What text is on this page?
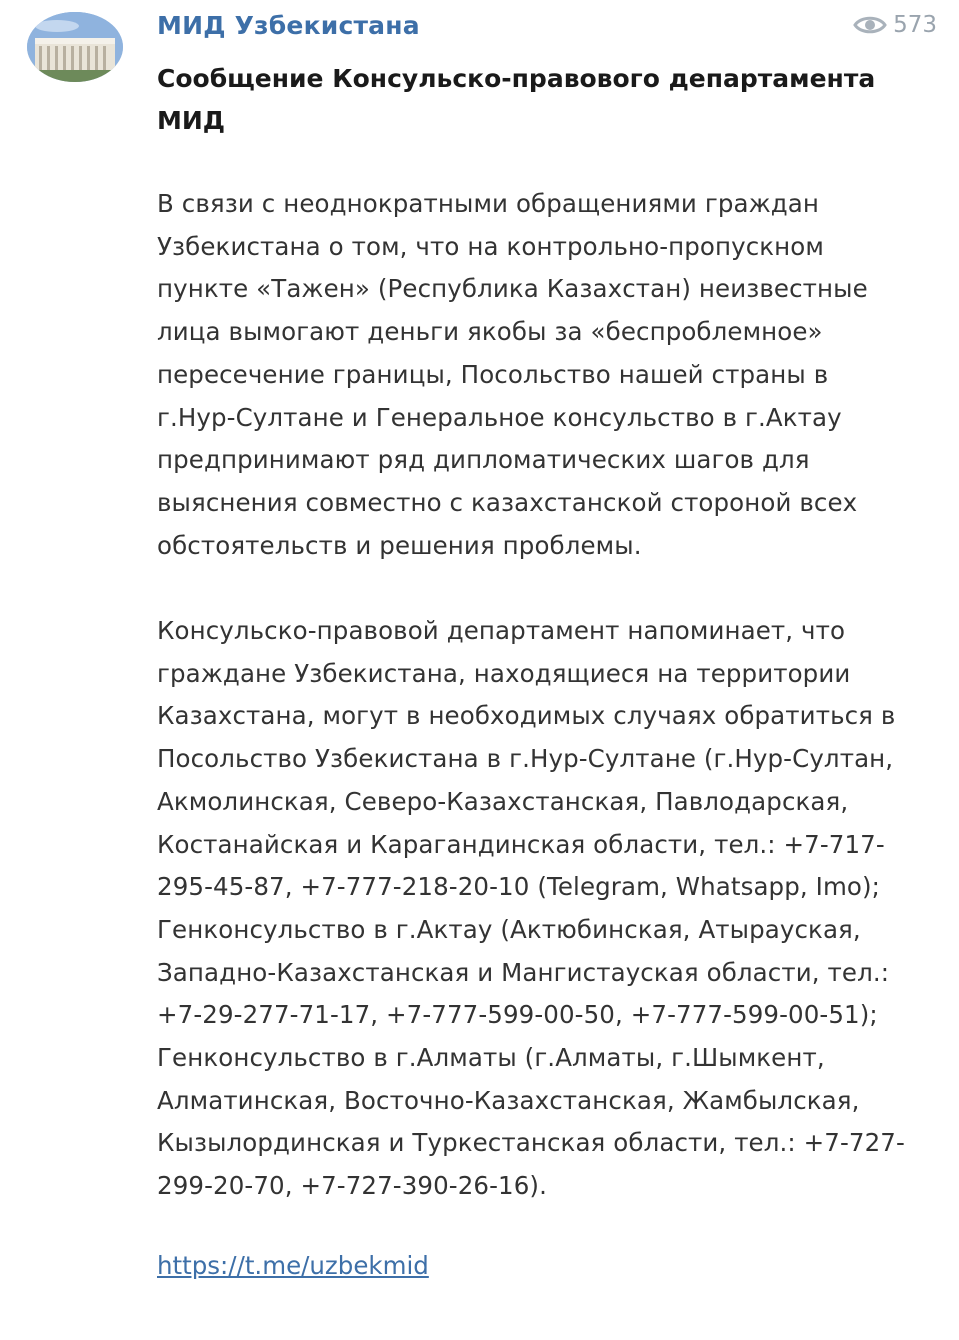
МИД Узбекистана	573
Сообщение Консульско-правового департамента
МИД
В связи с неоднократными обращениями граждан
Узбекистана о том, что на контрольно-пропускном
пункте «Тажен» (Республика Казахстан) неизвестные
лица вымогают деньги якобы за «беспроблемное»
пересечение границы, Посольство нашей страны в
г.Нур-Султане и Генеральное консульство в г.Актау
предпринимают ряд дипломатических шагов для
выяснения совместно с казахстанской стороной всех
обстоятельств и решения проблемы.
Консульско-правовой департамент напоминает, что
граждане Узбекистана, находящиеся на территории
Казахстана, могут в необходимых случаях обратиться в
Посольство Узбекистана в г.Нур-Султане (г.Нур-Султан,
Акмолинская, Северо-Казахстанская, Павлодарская,
Костанайская и Карагандинская области, тел.: +7-717-
295-45-87, +7-777-218-20-10 (Telegram, Whatsapp, Imo);
Генконсульство в г.Актау (Актюбинская, Атырауская,
Западно-Казахстанская и Мангистауская области, тел.:
+7-29-277-71-17, +7-777-599-00-50, +7-777-599-00-51);
Генконсульство в г.Алматы (г.Алматы, г.Шымкент,
Алматинская, Восточно-Казахстанская, Жамбылская,
Кызылординская и Туркестанская области, тел.: +7-727-
299-20-70, +7-727-390-26-16).
https://t.me/uzbekmid
